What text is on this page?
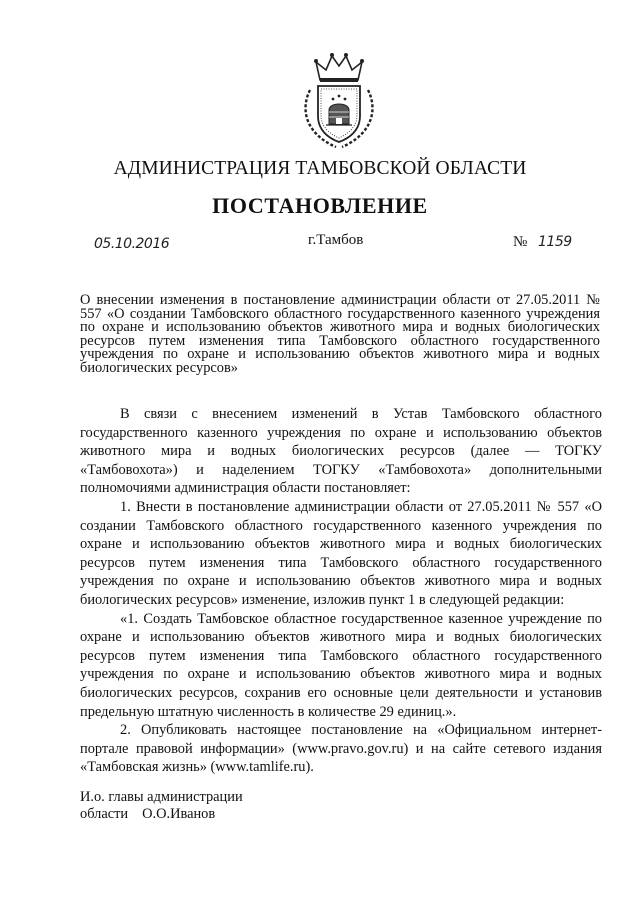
АДМИНИСТРАЦИЯ ТАМБОВСКОЙ ОБЛАСТИ
ПОСТАНОВЛЕНИЕ
05.10.2016	г.Тамбов	№ 1159
О внесении изменения в постановление администрации области от 27.05.2011 № 557 «О создании Тамбовского областного государственного казенного учреждения по охране и использованию объектов животного мира и водных биологических ресурсов путем изменения типа Тамбовского областного государственного учреждения по охране и использованию объектов животного мира и водных биологических ресурсов»

В связи с внесением изменений в Устав Тамбовского областного государственного казенного учреждения по охране и использованию объектов животного мира и водных биологических ресурсов (далее — ТОГКУ «Тамбовохота») и наделением ТОГКУ «Тамбовохота» дополнительными полномочиями администрация области постановляет:

1. Внести в постановление администрации области от 27.05.2011 № 557 «О создании Тамбовского областного государственного казенного учреждения по охране и использованию объектов животного мира и водных биологических ресурсов путем изменения типа Тамбовского областного государственного учреждения по охране и использованию объектов животного мира и водных биологических ресурсов» изменение, изложив пункт 1 в следующей редакции:

«1. Создать Тамбовское областное государственное казенное учреждение по охране и использованию объектов животного мира и водных биологических ресурсов путем изменения типа Тамбовского областного государственного учреждения по охране и использованию объектов животного мира и водных биологических ресурсов, сохранив его основные цели деятельности и установив предельную штатную численность в количестве 29 единиц.».

2. Опубликовать настоящее постановление на «Официальном интернет-портале правовой информации» (www.pravo.gov.ru) и на сайте сетевого издания «Тамбовская жизнь» (www.tamlife.ru).

И.о. главы администрации
области О.О.Иванов
